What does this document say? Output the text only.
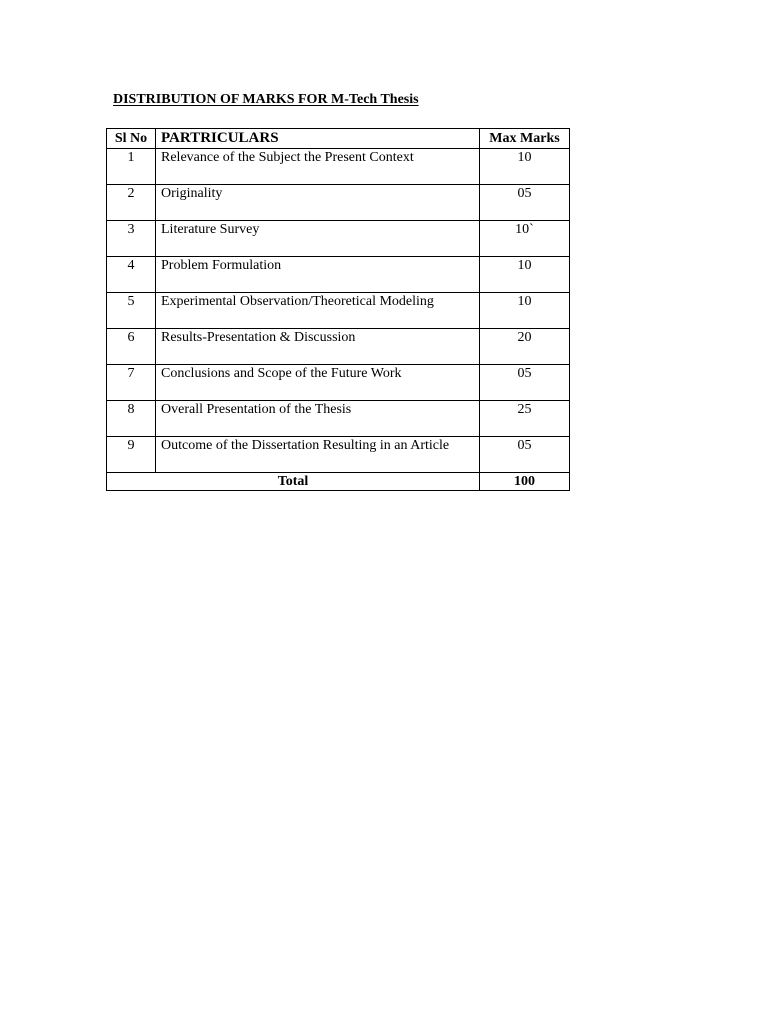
DISTRIBUTION OF MARKS FOR M-Tech Thesis
Sl No	PARTRICULARS	Max Marks
1	Relevance of the Subject the Present Context	10
2	Originality	05
3	Literature Survey	10`
4	Problem Formulation	10
5	Experimental Observation/Theoretical Modeling	10
6	Results-Presentation & Discussion	20
7	Conclusions and Scope of the Future Work	05
8	Overall Presentation of the Thesis	25
9	Outcome of the Dissertation Resulting in an Article	05
Total		100
